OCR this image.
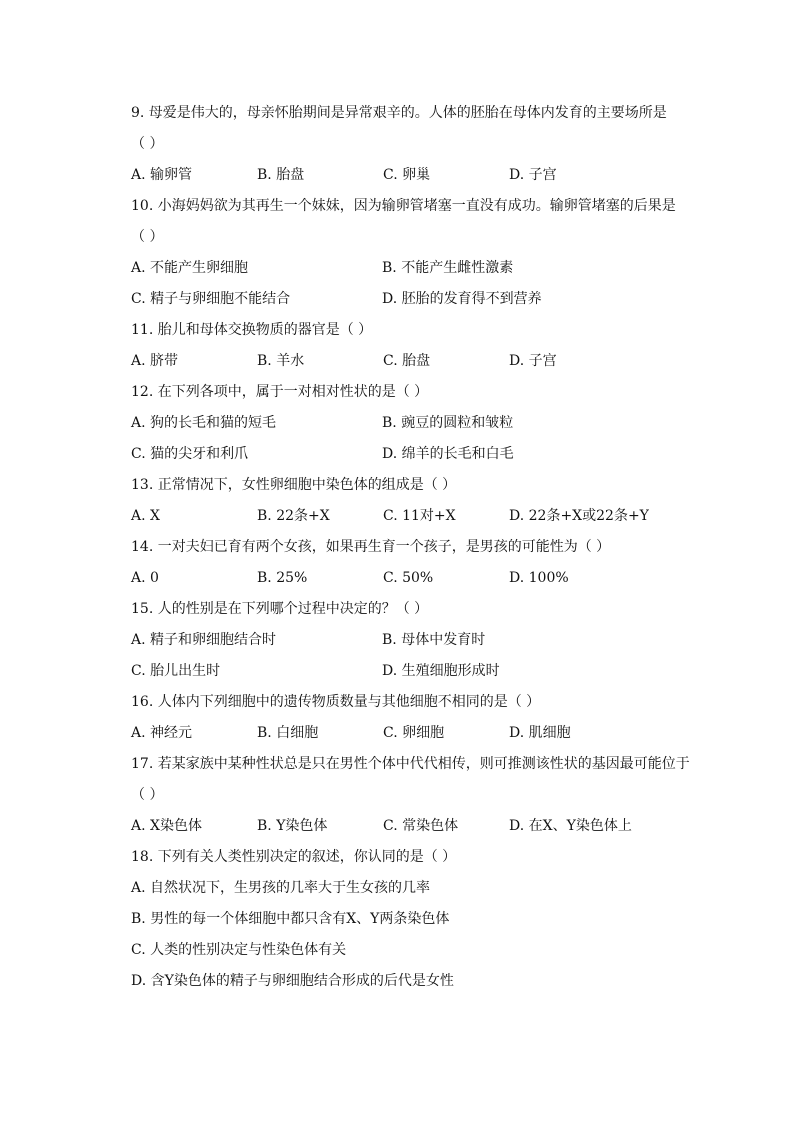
9. 母爱是伟大的，母亲怀胎期间是异常艰辛的。人体的胚胎在母体内发育的主要场所是
（ ）
A. 输卵管	B. 胎盘	C. 卵巢	D. 子宫
10. 小海妈妈欲为其再生一个妹妹，因为输卵管堵塞一直没有成功。输卵管堵塞的后果是
（ ）
A. 不能产生卵细胞	B. 不能产生雌性激素
C. 精子与卵细胞不能结合	D. 胚胎的发育得不到营养
11. 胎儿和母体交换物质的器官是（ ）
A. 脐带	B. 羊水	C. 胎盘	D. 子宫
12. 在下列各项中，属于一对相对性状的是（ ）
A. 狗的长毛和猫的短毛	B. 豌豆的圆粒和皱粒
C. 猫的尖牙和利爪	D. 绵羊的长毛和白毛
13. 正常情况下，女性卵细胞中染色体的组成是（ ）
A. X	B. 22条+X	C. 11对+X	D. 22条+X或22条+Y
14. 一对夫妇已育有两个女孩，如果再生育一个孩子，是男孩的可能性为（ ）
A. 0	B. 25%	C. 50%	D. 100%
15. 人的性别是在下列哪个过程中决定的？（ ）
A. 精子和卵细胞结合时	B. 母体中发育时
C. 胎儿出生时	D. 生殖细胞形成时
16. 人体内下列细胞中的遗传物质数量与其他细胞不相同的是（ ）
A. 神经元	B. 白细胞	C. 卵细胞	D. 肌细胞
17. 若某家族中某种性状总是只在男性个体中代代相传，则可推测该性状的基因最可能位于
（ ）
A. X染色体	B. Y染色体	C. 常染色体	D. 在X、Y染色体上
18. 下列有关人类性别决定的叙述，你认同的是（ ）
A. 自然状况下，生男孩的几率大于生女孩的几率
B. 男性的每一个体细胞中都只含有X、Y两条染色体
C. 人类的性别决定与性染色体有关
D. 含Y染色体的精子与卵细胞结合形成的后代是女性
